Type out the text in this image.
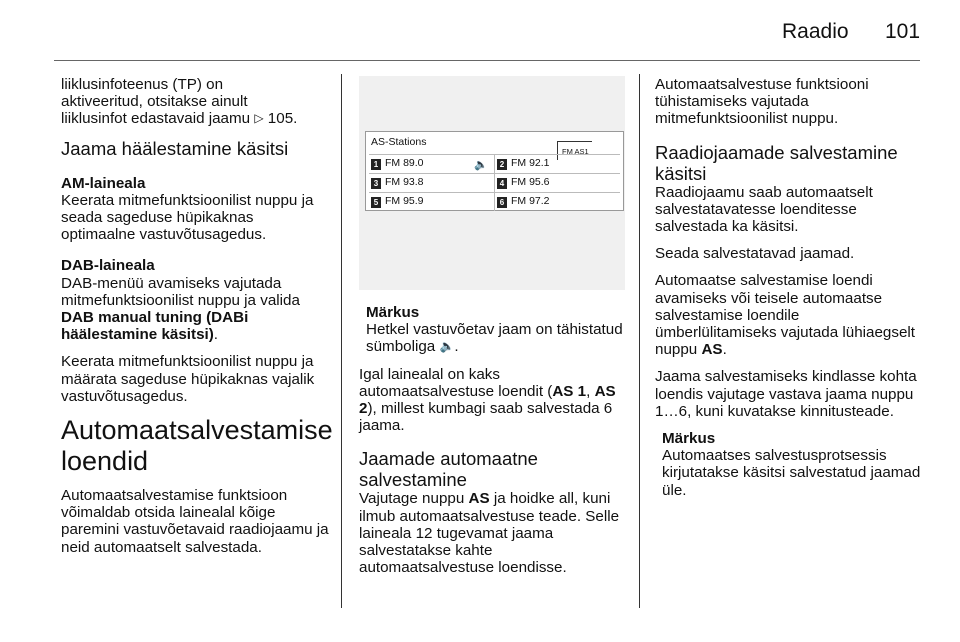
Raadio 101

liiklusinfoteenus (TP) on
aktiveeritud, otsitakse ainult
liiklusinfot edastavaid jaamu ▷ 105.

Jaama häälestamine käsitsi

AM-laineala
Keerata mitmefunktsioonilist nuppu ja seada sageduse hüpikaknas optimaalne vastuvõtusagedus.

DAB-laineala
DAB-menüü avamiseks vajutada mitmefunktsioonilist nuppu ja valida DAB manual tuning (DABi häälestamine käsitsi).

Keerata mitmefunktsioonilist nuppu ja määrata sageduse hüpikaknas vajalik vastuvõtusagedus.

Automaatsalvestamise loendid

Automaatsalvestamise funktsioon võimaldab otsida lainealal kõige paremini vastuvõetavaid raadiojaamu ja neid automaatselt salvestada.

AS-Stations
FM AS1
1 FM 89.0	🔈	2 FM 92.1
3 FM 93.8	4 FM 95.6
5 FM 95.9	6 FM 97.2

Märkus
Hetkel vastuvõetav jaam on tähistatud sümboliga 🔈.

Igal lainealal on kaks automaatsalvestuse loendit (AS 1, AS 2), millest kumbagi saab salvestada 6 jaama.

Jaamade automaatne salvestamine

Vajutage nuppu AS ja hoidke all, kuni ilmub automaatsalvestuse teade. Selle laineala 12 tugevamat jaama salvestatakse kahte automaatsalvestuse loendisse.

Automaatsalvestuse funktsiooni tühistamiseks vajutada mitmefunktsioonilist nuppu.

Raadiojaamade salvestamine käsitsi

Raadiojaamu saab automaatselt salvestatavatesse loenditesse salvestada ka käsitsi.

Seada salvestatavad jaamad.

Automaatse salvestamise loendi avamiseks või teisele automaatse salvestamise loendile ümberlülitamiseks vajutada lühiaegselt nuppu AS.

Jaama salvestamiseks kindlasse kohta loendis vajutage vastava jaama nuppu 1…6, kuni kuvatakse kinnitusteade.

Märkus
Automaatses salvestusprotsessis kirjutatakse käsitsi salvestatud jaamad üle.
